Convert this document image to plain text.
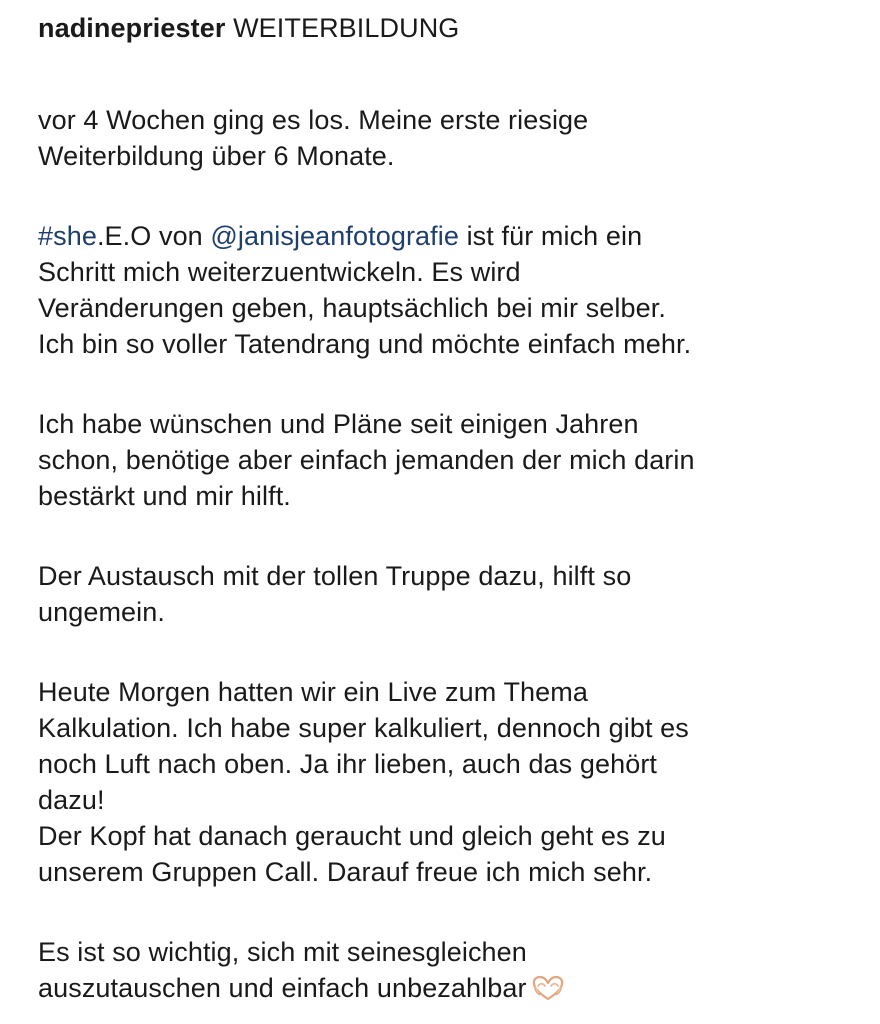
nadinepriester WEITERBILDUNG

vor 4 Wochen ging es los. Meine erste riesige
Weiterbildung über 6 Monate.

#she.E.O von @janisjeanfotografie ist für mich ein
Schritt mich weiterzuentwickeln. Es wird
Veränderungen geben, hauptsächlich bei mir selber.
Ich bin so voller Tatendrang und möchte einfach mehr.

Ich habe wünschen und Pläne seit einigen Jahren
schon, benötige aber einfach jemanden der mich darin
bestärkt und mir hilft.

Der Austausch mit der tollen Truppe dazu, hilft so
ungemein.

Heute Morgen hatten wir ein Live zum Thema
Kalkulation. Ich habe super kalkuliert, dennoch gibt es
noch Luft nach oben. Ja ihr lieben, auch das gehört
dazu!

Der Kopf hat danach geraucht und gleich geht es zu
unserem Gruppen Call. Darauf freue ich mich sehr.

Es ist so wichtig, sich mit seinesgleichen
auszutauschen und einfach unbezahlbar
